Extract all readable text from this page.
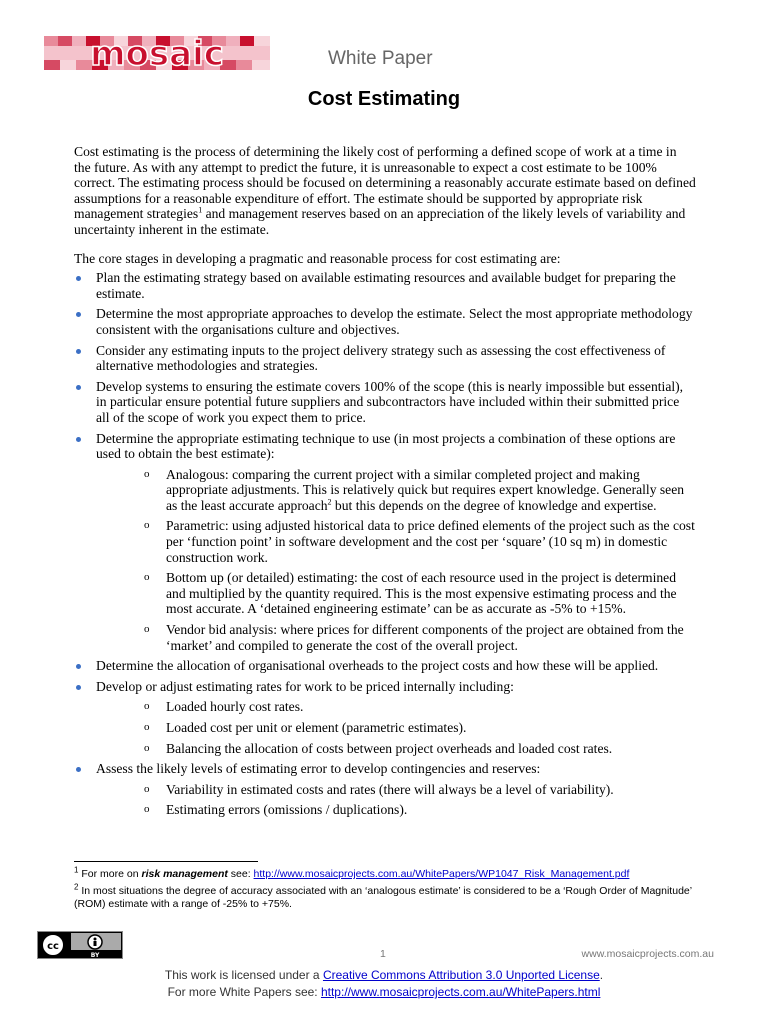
mosaic	White Paper
Cost Estimating

Cost estimating is the process of determining the likely cost of performing a defined scope of work at a time in the future. As with any attempt to predict the future, it is unreasonable to expect a cost estimate to be 100% correct. The estimating process should be focused on determining a reasonably accurate estimate based on defined assumptions for a reasonable expenditure of effort. The estimate should be supported by appropriate risk management strategies$^1$ and management reserves based on an appreciation of the likely levels of variability and uncertainty inherent in the estimate.

The core stages in developing a pragmatic and reasonable process for cost estimating are:

Plan the estimating strategy based on available estimating resources and available budget for preparing the estimate.
Determine the most appropriate approaches to develop the estimate. Select the most appropriate methodology consistent with the organisations culture and objectives.
Consider any estimating inputs to the project delivery strategy such as assessing the cost effectiveness of alternative methodologies and strategies.
Develop systems to ensuring the estimate covers 100% of the scope (this is nearly impossible but essential), in particular ensure potential future suppliers and subcontractors have included within their submitted price all of the scope of work you expect them to price.
Determine the appropriate estimating technique to use (in most projects a combination of these options are used to obtain the best estimate):
o Analogous: comparing the current project with a similar completed project and making appropriate adjustments. This is relatively quick but requires expert knowledge. Generally seen as the least accurate approach$^2$ but this depends on the degree of knowledge and expertise.
o Parametric: using adjusted historical data to price defined elements of the project such as the cost per ‘function point’ in software development and the cost per ‘square’ (10 sq m) in domestic construction work.
o Bottom up (or detailed) estimating: the cost of each resource used in the project is determined and multiplied by the quantity required. This is the most expensive estimating process and the most accurate. A ‘detained engineering estimate’ can be as accurate as -5% to +15%.
o Vendor bid analysis: where prices for different components of the project are obtained from the ‘market’ and compiled to generate the cost of the overall project.
Determine the allocation of organisational overheads to the project costs and how these will be applied.
Develop or adjust estimating rates for work to be priced internally including:
o Loaded hourly cost rates.
o Loaded cost per unit or element (parametric estimates).
o Balancing the allocation of costs between project overheads and loaded cost rates.
Assess the likely levels of estimating error to develop contingencies and reserves:
o Variability in estimated costs and rates (there will always be a level of variability).
o Estimating errors (omissions / duplications).
$^1$ For more on risk management see: http://www.mosaicprojects.com.au/WhitePapers/WP1047_Risk_Management.pdf
$^2$ In most situations the degree of accuracy associated with an ‘analogous estimate’ is considered to be a ‘Rough Order of Magnitude’ (ROM) estimate with a range of -25% to +75%.
cc
BY	1	www.mosaicprojects.com.au
This work is licensed under a Creative Commons Attribution 3.0 Unported License.
For more White Papers see: http://www.mosaicprojects.com.au/WhitePapers.html
